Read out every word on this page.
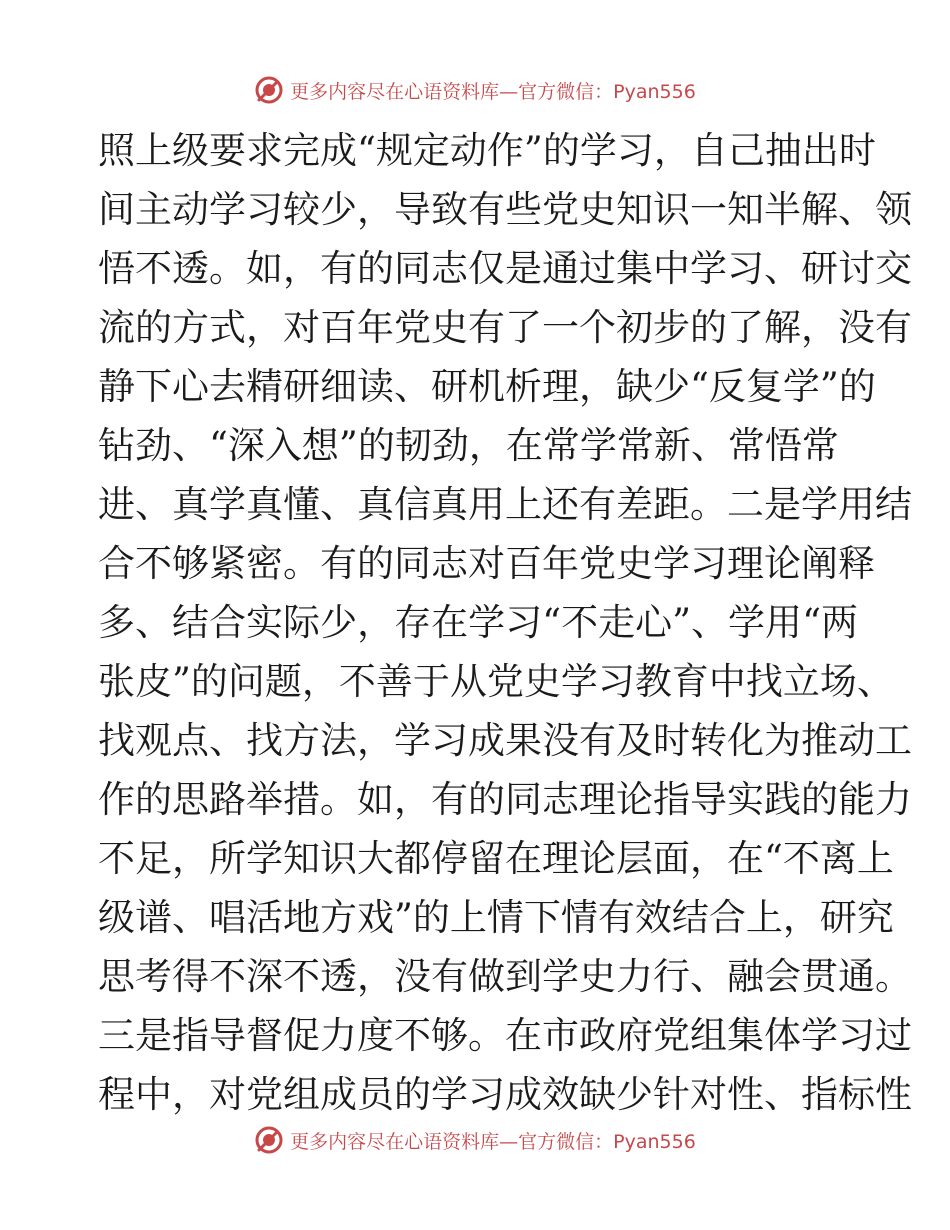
更多内容尽在心语资料库—官方微信：Pyan556
照上级要求完成“规定动作”的学习，自己抽出时
间主动学习较少，导致有些党史知识一知半解、领
悟不透。如，有的同志仅是通过集中学习、研讨交
流的方式，对百年党史有了一个初步的了解，没有
静下心去精研细读、研机析理，缺少“反复学”的
钻劲、“深入想”的韧劲，在常学常新、常悟常
进、真学真懂、真信真用上还有差距。二是学用结
合不够紧密。有的同志对百年党史学习理论阐释
多、结合实际少，存在学习“不走心”、学用“两
张皮”的问题，不善于从党史学习教育中找立场、
找观点、找方法，学习成果没有及时转化为推动工
作的思路举措。如，有的同志理论指导实践的能力
不足，所学知识大都停留在理论层面，在“不离上
级谱、唱活地方戏”的上情下情有效结合上，研究
思考得不深不透，没有做到学史力行、融会贯通。
三是指导督促力度不够。在市政府党组集体学习过
程中，对党组成员的学习成效缺少针对性、指标性
更多内容尽在心语资料库—官方微信：Pyan556
